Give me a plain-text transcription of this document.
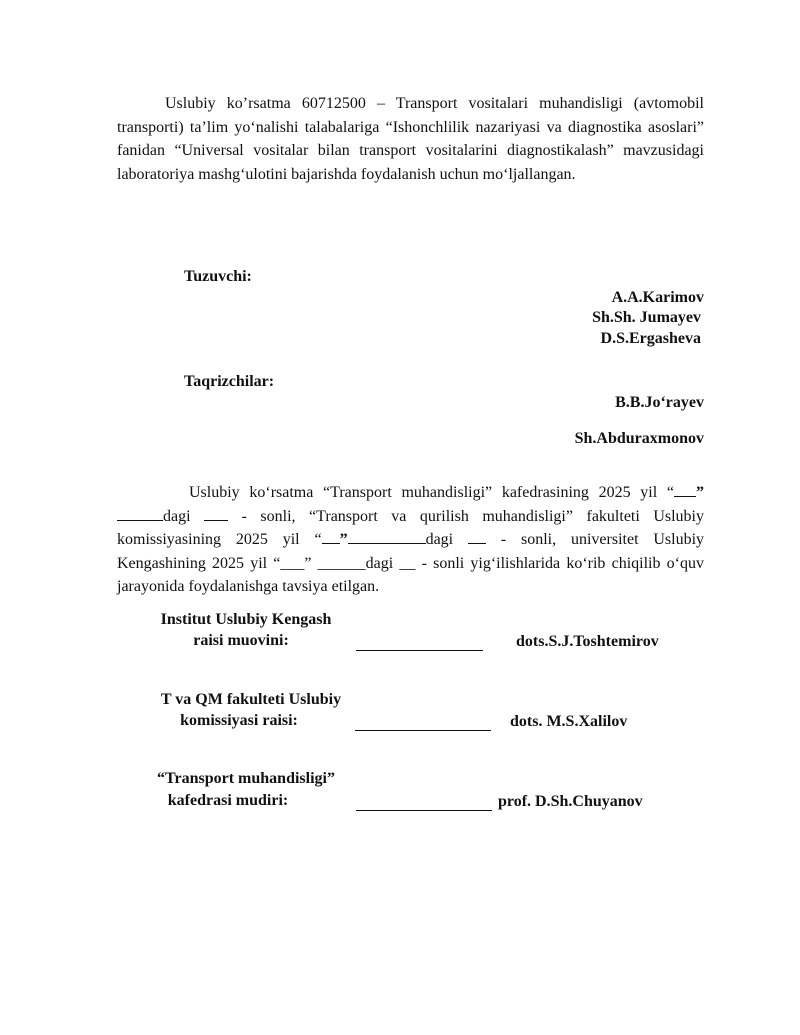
Uslubiy ko’rsatma 60712500 – Transport vositalari muhandisligi (avtomobil transporti) ta’lim yo‘nalishi talabalariga “Ishonchlilik nazariyasi va diagnostika asoslari” fanidan “Universal vositalar bilan transport vositalarini diagnostikalash” mavzusidagi laboratoriya mashg‘ulotini bajarishda foydalanish uchun mo‘ljallangan.
Tuzuvchi:
A.A.Karimov
Sh.Sh. Jumayev
D.S.Ergasheva
Taqrizchilar:
B.B.Jo‘rayev
Sh.Abduraxmonov
Uslubiy ko‘rsatma “Transport muhandisligi” kafedrasining 2025 yil “ ”dagi	- sonli, “Transport va qurilish muhandisligi” fakulteti Uslubiy komissiyasining 2025 yil “ ”	dagi	- sonli, universitet Uslubiy Kengashining 2025 yil “___” ______dagi __ - sonli yig‘ilishlarida ko‘rib chiqilib o‘quv jarayonida foydalanishga tavsiya etilgan.
Institut Uslubiy Kengash
raisi muovini:	dots.S.J.Toshtemirov
T va QM fakulteti Uslubiy
komissiyasi raisi:	dots. M.S.Xalilov
“Transport muhandisligi”
kafedrasi mudiri:	prof. D.Sh.Chuyanov
